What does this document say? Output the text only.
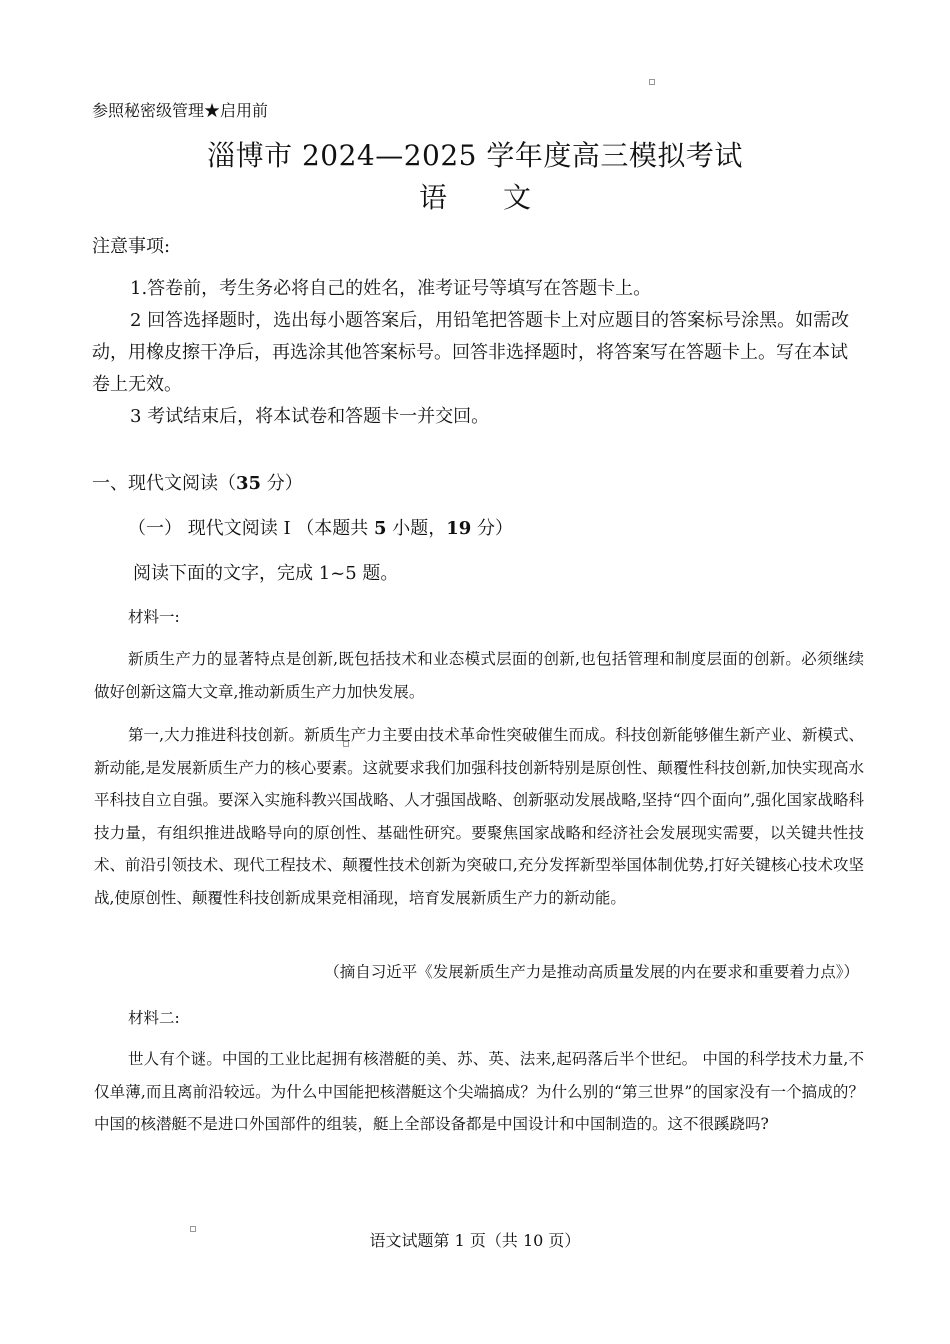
参照秘密级管理★启用前
淄博市 2024—2025 学年度高三模拟考试
语文
注意事项:

1.答卷前，考生务必将自己的姓名，准考证号等填写在答题卡上。

2 回答选择题时，选出每小题答案后，用铅笔把答题卡上对应题目的答案标号涂黑。如需改动，用橡皮擦干净后，再选涂其他答案标号。回答非选择题时，将答案写在答题卡上。写在本试卷上无效。

3 考试结束后，将本试卷和答题卡一并交回。

一、现代文阅读（35 分）
（一） 现代文阅读 I （本题共 5 小题，19 分）
阅读下面的文字，完成 1~5 题。
材料一:

新质生产力的显著特点是创新,既包括技术和业态模式层面的创新,也包括管理和制度层面的创新。必须继续做好创新这篇大文章,推动新质生产力加快发展。

第一,大力推进科技创新。新质生产力主要由技术革命性突破催生而成。科技创新能够催生新产业、新模式、新动能,是发展新质生产力的核心要素。这就要求我们加强科技创新特别是原创性、颠覆性科技创新,加快实现高水平科技自立自强。要深入实施科教兴国战略、人才强国战略、创新驱动发展战略,坚持“四个面向”,强化国家战略科技力量，有组织推进战略导向的原创性、基础性研究。要聚焦国家战略和经济社会发展现实需要，以关键共性技术、前沿引领技术、现代工程技术、颠覆性技术创新为突破口,充分发挥新型举国体制优势,打好关键核心技术攻坚战,使原创性、颠覆性科技创新成果竞相涌现，培育发展新质生产力的新动能。

（摘自习近平《发展新质生产力是推动高质量发展的内在要求和重要着力点》）
材料二:

世人有个谜。中国的工业比起拥有核潜艇的美、苏、英、法来,起码落后半个世纪。 中国的科学技术力量,不仅单薄,而且离前沿较远。为什么中国能把核潜艇这个尖端搞成？为什么别的“第三世界”的国家没有一个搞成的？中国的核潜艇不是进口外国部件的组装，艇上全部设备都是中国设计和中国制造的。这不很蹊跷吗?

语文试题第 1 页（共 10 页）
